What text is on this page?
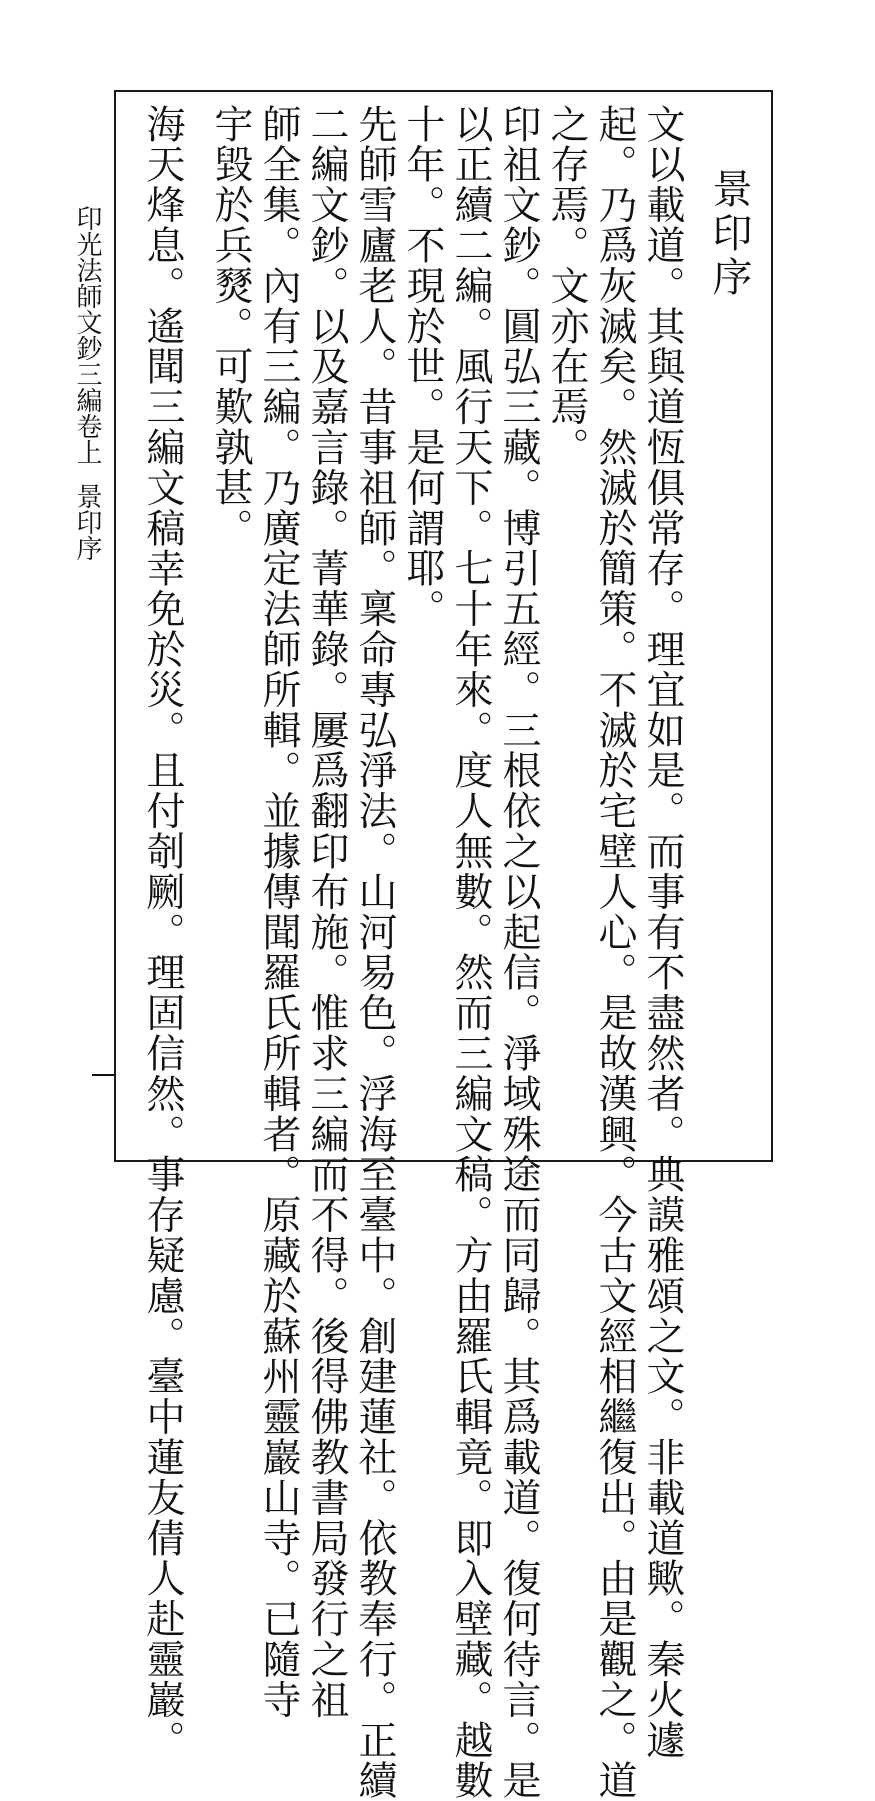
印光法師文鈔三編卷上景印序
景印序
文以載道。其與道恆俱常存。理宜如是。而事有不盡然者。典謨雅頌之文。非載道歟。秦火遽
起。乃爲灰滅矣。然滅於簡策。不滅於宅壁人心。是故漢興。今古文經相繼復出。由是觀之。道
之存焉。文亦在焉。
印祖文鈔。圓弘三藏。博引五經。三根依之以起信。淨域殊途而同歸。其爲載道。復何待言。是
以正續二編。風行天下。七十年來。度人無數。然而三編文稿。方由羅氏輯竟。即入壁藏。越數
十年。不現於世。是何謂耶。
先師雪廬老人。昔事祖師。稟命專弘淨法。山河易色。浮海至臺中。創建蓮社。依教奉行。正續
二編文鈔。以及嘉言錄。菁華錄。屢爲翻印布施。惟求三編而不得。後得佛教書局發行之祖
師全集。內有三編。乃廣定法師所輯。並據傳聞羅氏所輯者。原藏於蘇州靈巖山寺。已隨寺
宇毀於兵燹。可歎孰甚。
海天烽息。遙聞三編文稿幸免於災。且付剞劂。理固信然。事存疑慮。臺中蓮友倩人赴靈巖。
